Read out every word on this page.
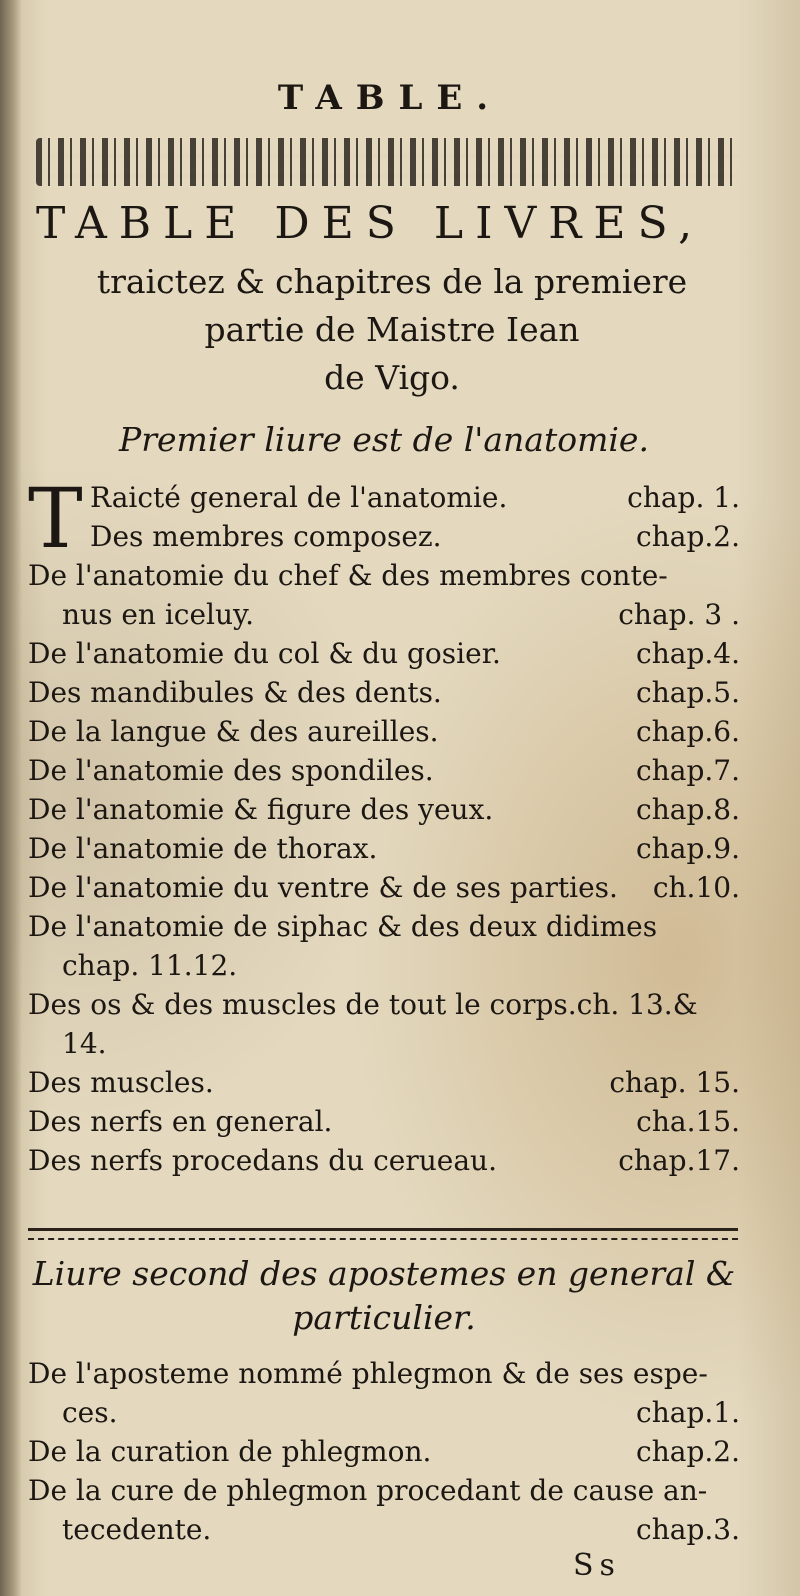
TABLE.
TABLE DES LIVRES,
traictez & chapitres de la premiere
partie de Maistre Iean
de Vigo.
Premier liure est de l'anatomie.
T Raicté general de l'anatomie.	chap. 1.
Des membres composez.	chap.2.
De l'anatomie du chef & des membres conte-
nus en iceluy.	chap. 3 .
De l'anatomie du col & du gosier.	chap.4.
Des mandibules & des dents.	chap.5.
De la langue & des aureilles.	chap.6.
De l'anatomie des spondiles.	chap.7.
De l'anatomie & figure des yeux.	chap.8.
De l'anatomie de thorax.	chap.9.
De l'anatomie du ventre & de ses parties. ch.10.
De l'anatomie de siphac & des deux didimes
chap. 11.12.
Des os & des muscles de tout le corps.ch. 13.&
14.
Des muscles.	chap. 15.
Des nerfs en general.	cha.15.
Des nerfs procedans du cerueau.	chap.17.
Liure second des apostemes en general &
particulier.
De l'aposteme nommé phlegmon & de ses espe-
ces.	chap.1.
De la curation de phlegmon.	chap.2.
De la cure de phlegmon procedant de cause an-
tecedente.	chap.3.
Ss
